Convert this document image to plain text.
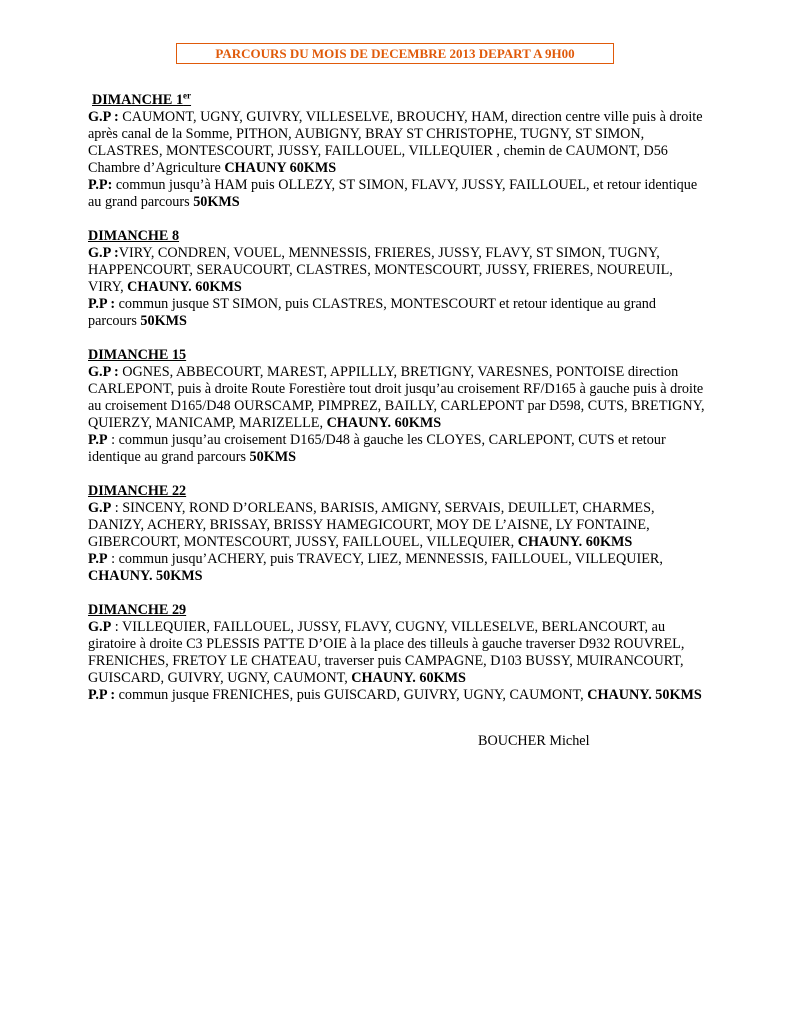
PARCOURS DU MOIS DE DECEMBRE 2013 DEPART A 9H00
DIMANCHE 1er

G.P : CAUMONT, UGNY, GUIVRY, VILLESELVE, BROUCHY, HAM, direction centre ville puis à droite après canal de la Somme, PITHON, AUBIGNY, BRAY ST CHRISTOPHE, TUGNY, ST SIMON, CLASTRES, MONTESCOURT, JUSSY, FAILLOUEL, VILLEQUIER , chemin de CAUMONT, D56 Chambre d’Agriculture CHAUNY 60KMS

P.P: commun jusqu’à HAM puis OLLEZY, ST SIMON, FLAVY, JUSSY, FAILLOUEL, et retour identique au grand parcours 50KMS

DIMANCHE 8

G.P :VIRY, CONDREN, VOUEL, MENNESSIS, FRIERES, JUSSY, FLAVY, ST SIMON, TUGNY, HAPPENCOURT, SERAUCOURT, CLASTRES, MONTESCOURT, JUSSY, FRIERES, NOUREUIL, VIRY, CHAUNY. 60KMS

P.P : commun jusque ST SIMON, puis CLASTRES, MONTESCOURT et retour identique au grand parcours 50KMS

DIMANCHE 15

G.P : OGNES, ABBECOURT, MAREST, APPILLLY, BRETIGNY, VARESNES, PONTOISE direction CARLEPONT, puis à droite Route Forestière tout droit jusqu’au croisement RF/D165 à gauche puis à droite au croisement D165/D48 OURSCAMP, PIMPREZ, BAILLY, CARLEPONT par D598, CUTS, BRETIGNY, QUIERZY, MANICAMP, MARIZELLE, CHAUNY. 60KMS

P.P : commun jusqu’au croisement D165/D48 à gauche les CLOYES, CARLEPONT, CUTS et retour identique au grand parcours 50KMS

DIMANCHE 22

G.P : SINCENY, ROND D’ORLEANS, BARISIS, AMIGNY, SERVAIS, DEUILLET, CHARMES, DANIZY, ACHERY, BRISSAY, BRISSY HAMEGICOURT, MOY DE L’AISNE, LY FONTAINE, GIBERCOURT, MONTESCOURT, JUSSY, FAILLOUEL, VILLEQUIER, CHAUNY. 60KMS

P.P : commun jusqu’ACHERY, puis TRAVECY, LIEZ, MENNESSIS, FAILLOUEL, VILLEQUIER, CHAUNY. 50KMS

DIMANCHE 29

G.P : VILLEQUIER, FAILLOUEL, JUSSY, FLAVY, CUGNY, VILLESELVE, BERLANCOURT, au giratoire à droite C3 PLESSIS PATTE D’OIE à la place des tilleuls à gauche traverser D932 ROUVREL, FRENICHES, FRETOY LE CHATEAU, traverser puis CAMPAGNE, D103 BUSSY, MUIRANCOURT, GUISCARD, GUIVRY, UGNY, CAUMONT, CHAUNY. 60KMS

P.P : commun jusque FRENICHES, puis GUISCARD, GUIVRY, UGNY, CAUMONT, CHAUNY. 50KMS

BOUCHER Michel
